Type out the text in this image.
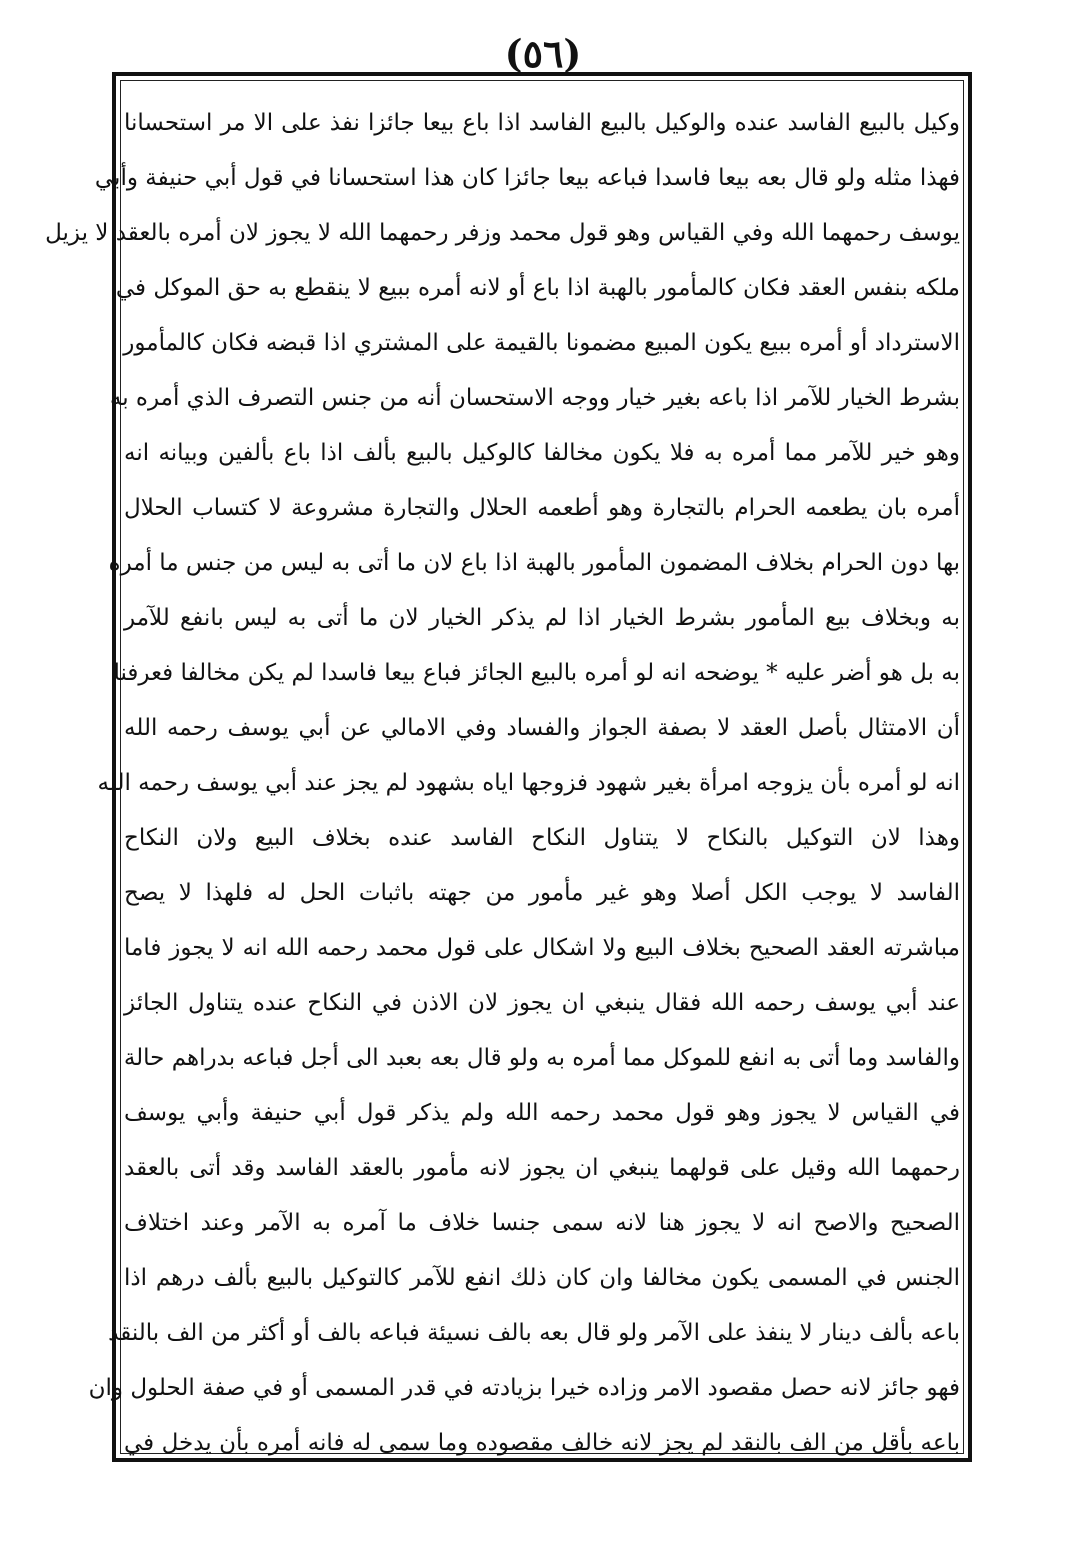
(٥٦)
وكيل بالبيع الفاسد عنده والوكيل بالبيع الفاسد اذا باع بيعا جائزا نفذ على الا مر استحسانا
فهذا مثله ولو قال بعه بيعا فاسدا فباعه بيعا جائزا كان هذا استحسانا في قول أبي حنيفة وأبي
يوسف رحمهما الله وفي القياس وهو قول محمد وزفر رحمهما الله لا يجوز لان أمره بالعقد لا يزيل
ملكه بنفس العقد فكان كالمأمور بالهبة اذا باع أو لانه أمره ببيع لا ينقطع به حق الموكل في
الاسترداد أو أمره ببيع يكون المبيع مضمونا بالقيمة على المشتري اذا قبضه فكان كالمأمور
بشرط الخيار للآمر اذا باعه بغير خيار ووجه الاستحسان أنه من جنس التصرف الذي أمره به
وهو خير للآمر مما أمره به فلا يكون مخالفا كالوكيل بالبيع بألف اذا باع بألفين وبيانه انه
أمره بان يطعمه الحرام بالتجارة وهو أطعمه الحلال والتجارة مشروعة لا كتساب الحلال
بها دون الحرام بخلاف المضمون المأمور بالهبة اذا باع لان ما أتى به ليس من جنس ما أمره
به وبخلاف بيع المأمور بشرط الخيار اذا لم يذكر الخيار لان ما أتى به ليس بانفع للآمر
به بل هو أضر عليه * يوضحه انه لو أمره بالبيع الجائز فباع بيعا فاسدا لم يكن مخالفا فعرفنا
أن الامتثال بأصل العقد لا بصفة الجواز والفساد وفي الامالي عن أبي يوسف رحمه الله
انه لو أمره بأن يزوجه امرأة بغير شهود فزوجها اياه بشهود لم يجز عند أبي يوسف رحمه الله
وهذا لان التوكيل بالنكاح لا يتناول النكاح الفاسد عنده بخلاف البيع ولان النكاح
الفاسد لا يوجب الكل أصلا وهو غير مأمور من جهته باثبات الحل له فلهذا لا يصح
مباشرته العقد الصحيح بخلاف البيع ولا اشكال على قول محمد رحمه الله انه لا يجوز فاما
عند أبي يوسف رحمه الله فقال ينبغي ان يجوز لان الاذن في النكاح عنده يتناول الجائز
والفاسد وما أتى به انفع للموكل مما أمره به ولو قال بعه بعبد الى أجل فباعه بدراهم حالة
في القياس لا يجوز وهو قول محمد رحمه الله ولم يذكر قول أبي حنيفة وأبي يوسف
رحمهما الله وقيل على قولهما ينبغي ان يجوز لانه مأمور بالعقد الفاسد وقد أتى بالعقد
الصحيح والاصح انه لا يجوز هنا لانه سمى جنسا خلاف ما آمره به الآمر وعند اختلاف
الجنس في المسمى يكون مخالفا وان كان ذلك انفع للآمر كالتوكيل بالبيع بألف درهم اذا
باعه بألف دينار لا ينفذ على الآمر ولو قال بعه بالف نسيئة فباعه بالف أو أكثر من الف بالنقد
فهو جائز لانه حصل مقصود الامر وزاده خيرا بزيادته في قدر المسمى أو في صفة الحلول وان
باعه بأقل من الف بالنقد لم يجز لانه خالف مقصوده وما سمى له فانه أمره بأن يدخل في
